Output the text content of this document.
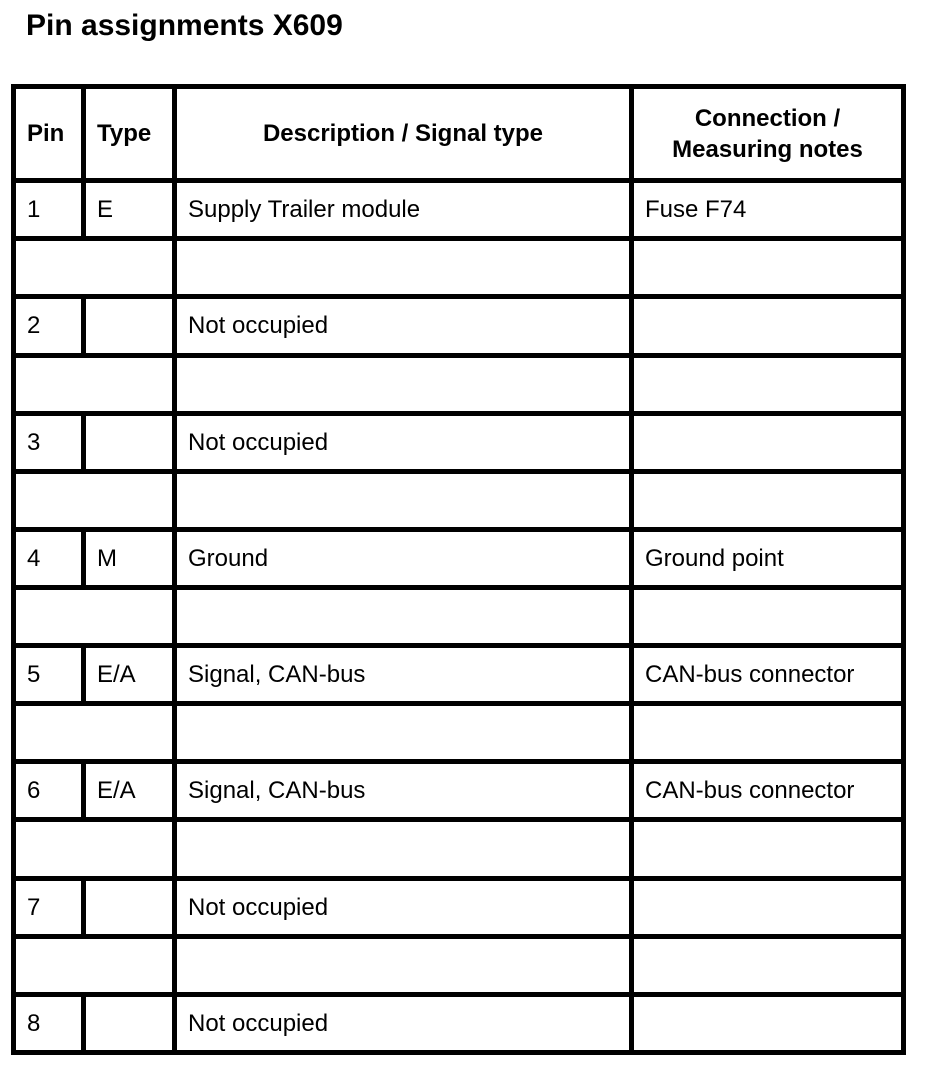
Pin assignments X609
Pin	Type	Description / Signal type	Connection /
Measuring notes

1	E	Supply Trailer module	Fuse F74

2		Not occupied	

3		Not occupied	

4	M	Ground	Ground point

5	E/A	Signal, CAN-bus	CAN-bus connector

6	E/A	Signal, CAN-bus	CAN-bus connector

7		Not occupied	

8		Not occupied	
